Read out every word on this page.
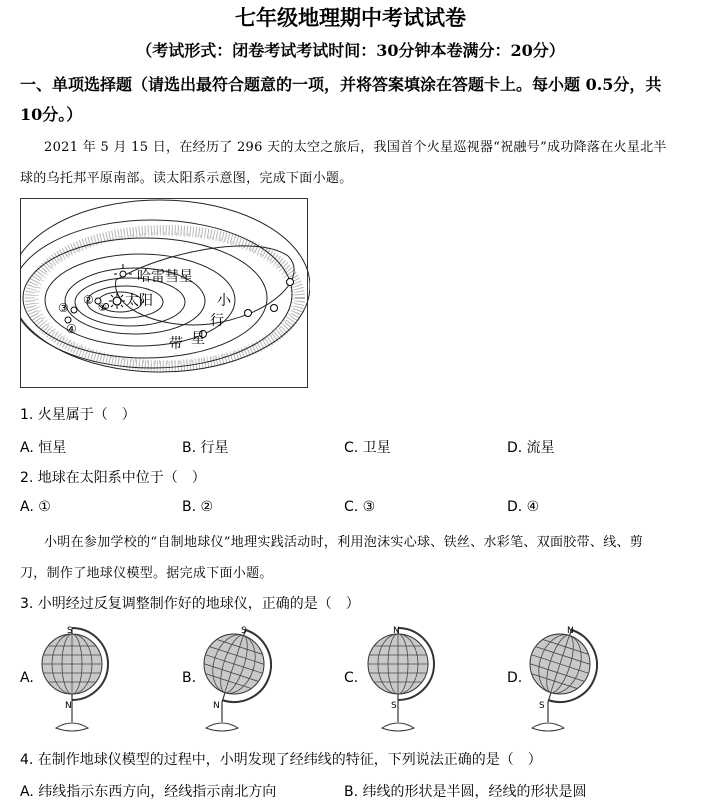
七年级地理期中考试试卷
（考试形式：闭卷考试考试时间：30分钟本卷满分：20分）
一、单项选择题（请选出最符合题意的一项，并将答案填涂在答题卡上。每小题 0.5分，共
10分。）
2021 年 5 月 15 日，在经历了 296 天的太空之旅后，我国首个火星巡视器“祝融号”成功降落在火星北半
球的乌托邦平原南部。读太阳系示意图，完成下面小题。
哈雷彗星
太阳
②
③
④
①	小
行
星
带
1. 火星属于（　）
A. 恒星	B. 行星	C. 卫星	D. 流星
2. 地球在太阳系中位于（　）
A. ①	B. ②	C. ③	D. ④
小明在参加学校的“自制地球仪”地理实践活动时，利用泡沫实心球、铁丝、水彩笔、双面胶带、线、剪
刀，制作了地球仪模型。据完成下面小题。
3. 小明经过反复调整制作好的地球仪，正确的是（　）
A.	B.	C.	D.
S
N
S
N
N
S
N
S
4. 在制作地球仪模型的过程中，小明发现了经纬线的特征，下列说法正确的是（　）
A. 纬线指示东西方向，经线指示南北方向	B. 纬线的形状是半圆，经线的形状是圆
